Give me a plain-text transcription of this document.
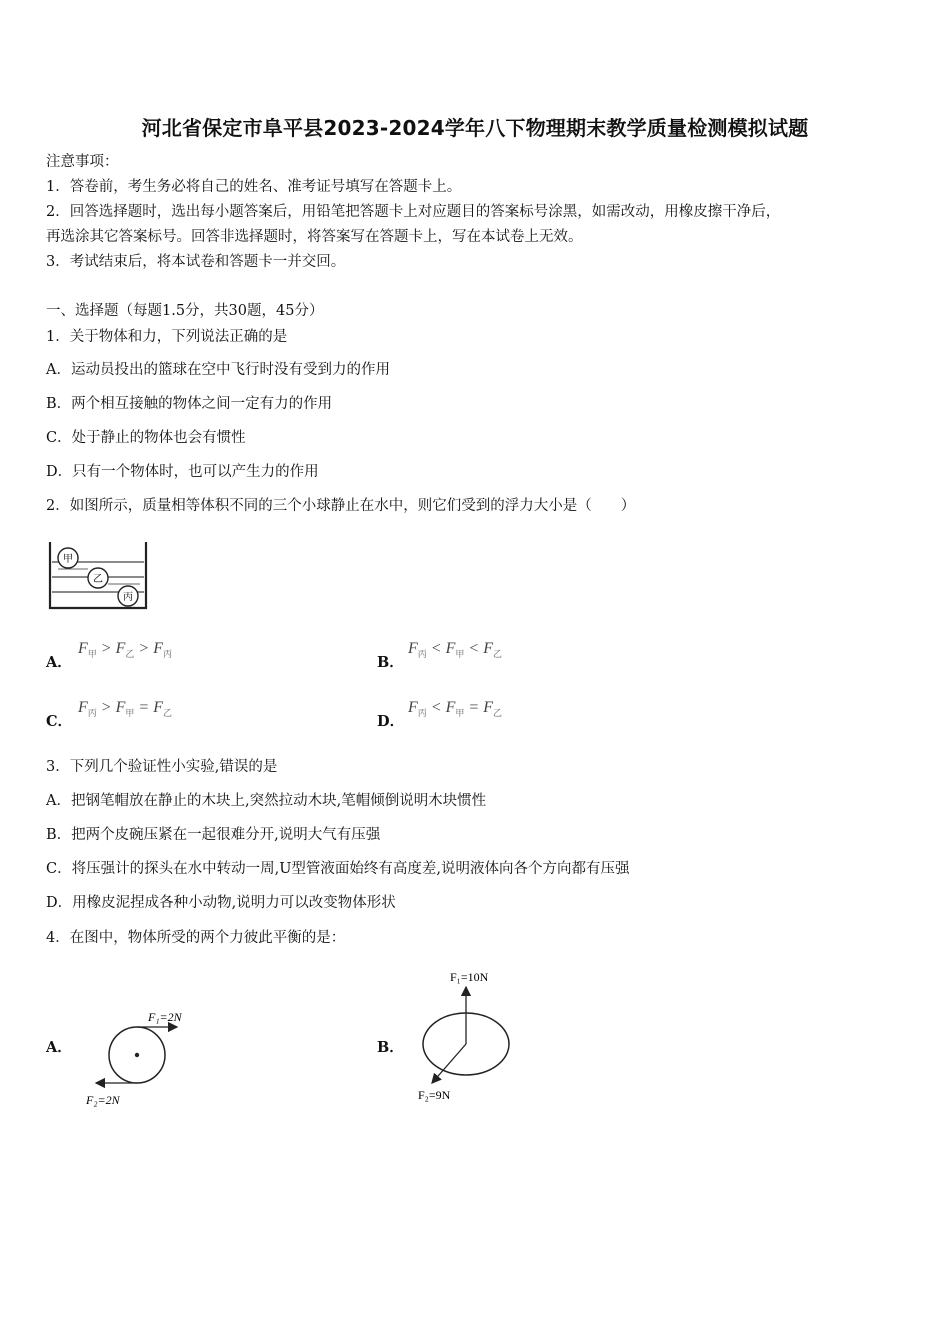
河北省保定市阜平县2023-2024学年八下物理期末教学质量检测模拟试题
注意事项：
1．答卷前，考生务必将自己的姓名、准考证号填写在答题卡上。
2．回答选择题时，选出每小题答案后，用铅笔把答题卡上对应题目的答案标号涂黑，如需改动，用橡皮擦干净后，
再选涂其它答案标号。回答非选择题时，将答案写在答题卡上，写在本试卷上无效。
3．考试结束后，将本试卷和答题卡一并交回。
一、选择题（每题1.5分，共30题，45分）
1．关于物体和力，下列说法正确的是
A．运动员投出的篮球在空中飞行时没有受到力的作用
B．两个相互接触的物体之间一定有力的作用
C．处于静止的物体也会有惯性
D．只有一个物体时，也可以产生力的作用
2．如图所示，质量相等体积不同的三个小球静止在水中，则它们受到的浮力大小是（　　）
甲
乙
丙
A．
$F_甲 > F_乙 > F_丙$	B．
$F_丙 < F_甲 < F_乙$
C．
$F_丙 > F_甲 = F_乙$	D．
$F_丙 < F_甲 = F_乙$
3．下列几个验证性小实验,错误的是
A．把钢笔帽放在静止的木块上,突然拉动木块,笔帽倾倒说明木块惯性
B．把两个皮碗压紧在一起很难分开,说明大气有压强
C．将压强计的探头在水中转动一周,U型管液面始终有高度差,说明液体向各个方向都有压强
D．用橡皮泥捏成各种小动物,说明力可以改变物体形状
4．在图中，物体所受的两个力彼此平衡的是：
A．
F₁=2N
F₂=2N
B．
F₁=10N
F₂=9N
